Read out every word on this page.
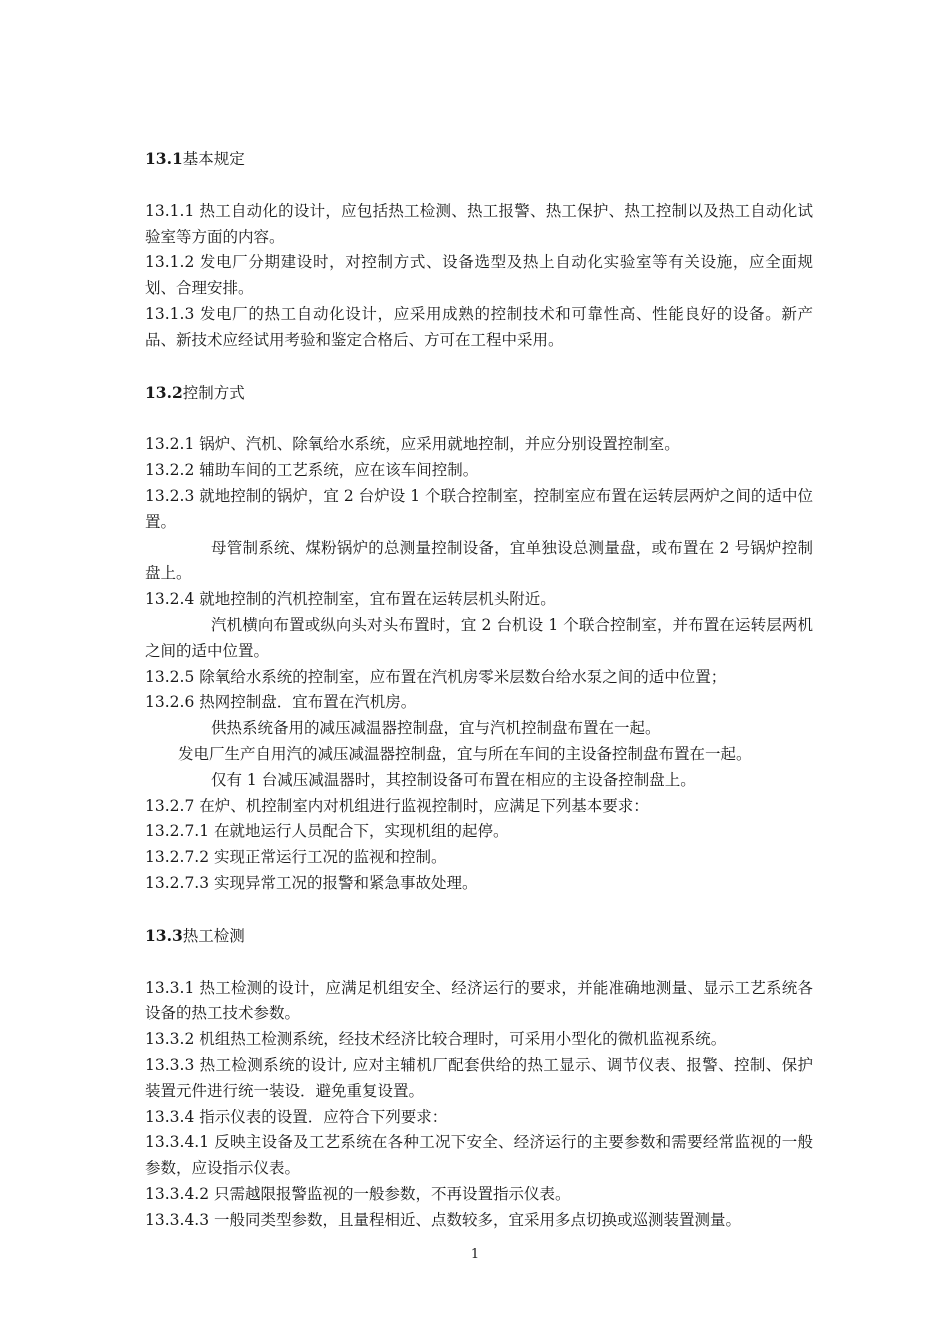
13.1基本规定

13.1.1 热工自动化的设计，应包括热工检测、热工报警、热工保护、热工控制以及热工自动化试验室等方面的内容。

13.1.2 发电厂分期建设时，对控制方式、设备选型及热上自动化实验室等有关设施，应全面规划、合理安排。

13.1.3 发电厂的热工自动化设计，应采用成熟的控制技术和可靠性高、性能良好的设备。新产品、新技术应经试用考验和鉴定合格后、方可在工程中采用。

13.2控制方式

13.2.1 锅炉、汽机、除氧给水系统，应采用就地控制，并应分别设置控制室。

13.2.2 辅助车间的工艺系统，应在该车间控制。

13.2.3 就地控制的锅炉，宜 2 台炉设 1 个联合控制室，控制室应布置在运转层两炉之间的适中位置。

母管制系统、煤粉锅炉的总测量控制设备，宜单独设总测量盘，或布置在 2 号锅炉控制盘上。

13.2.4 就地控制的汽机控制室，宜布置在运转层机头附近。

汽机横向布置或纵向头对头布置时，宜 2 台机设 1 个联合控制室，并布置在运转层两机之间的适中位置。

13.2.5 除氧给水系统的控制室，应布置在汽机房零米层数台给水泵之间的适中位置；

13.2.6 热网控制盘．宜布置在汽机房。

供热系统备用的减压减温器控制盘，宜与汽机控制盘布置在一起。

发电厂生产自用汽的减压减温器控制盘，宜与所在车间的主设备控制盘布置在一起。

仅有 1 台减压减温器时，其控制设备可布置在相应的主设备控制盘上。

13.2.7 在炉、机控制室内对机组进行监视控制时，应满足下列基本要求：

13.2.7.1 在就地运行人员配合下，实现机组的起停。

13.2.7.2 实现正常运行工况的监视和控制。

13.2.7.3 实现异常工况的报警和紧急事故处理。

13.3热工检测

13.3.1 热工检测的设计，应满足机组安全、经济运行的要求，并能准确地测量、显示工艺系统各设备的热工技术参数。

13.3.2 机组热工检测系统，经技术经济比较合理时，可采用小型化的微机监视系统。

13.3.3 热工检测系统的设计, 应对主辅机厂配套供给的热工显示、调节仪表、报警、控制、保护装置元件进行统一装设．避免重复设置。

13.3.4 指示仪表的设置．应符合下列要求：

13.3.4.1 反映主设备及工艺系统在各种工况下安全、经济运行的主要参数和需要经常监视的一般参数，应设指示仪表。

13.3.4.2 只需越限报警监视的一般参数，不再设置指示仪表。

13.3.4.3 一般同类型参数，且量程相近、点数较多，宜采用多点切换或巡测装置测量。

1
